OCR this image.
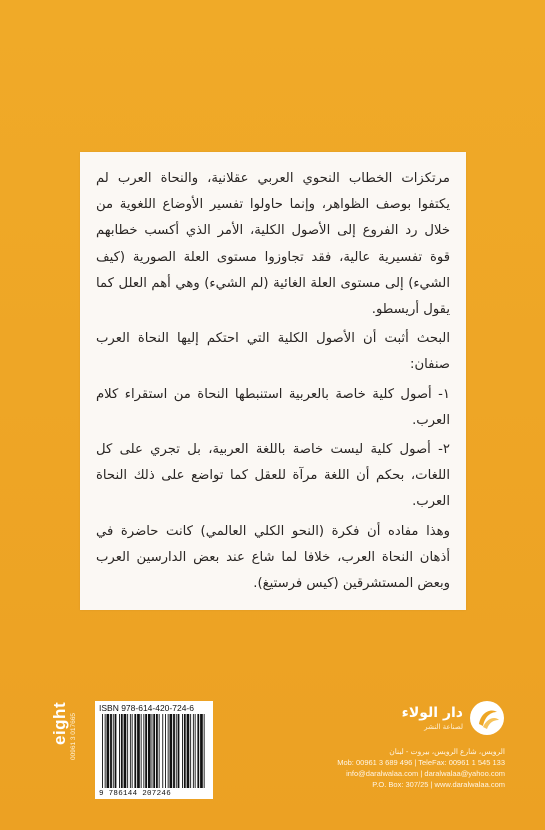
مرتكزات الخطاب النحوي العربي عقلانية، والنحاة العرب لم يكتفوا بوصف الظواهر، وإنما حاولوا تفسير الأوضاع اللغوية من خلال رد الفروع إلى الأصول الكلية، الأمر الذي أكسب خطابهم قوة تفسيرية عالية، فقد تجاوزوا مستوى العلة الصورية (كيف الشيء) إلى مستوى العلة الغائية (لم الشيء) وهي أهم العلل كما يقول أريسطو.

البحث أثبت أن الأصول الكلية التي احتكم إليها النحاة العرب صنفان:

١- أصول كلية خاصة بالعربية استنبطها النحاة من استقراء كلام العرب.

٢- أصول كلية ليست خاصة باللغة العربية، بل تجري على كل اللغات، بحكم أن اللغة مرآة للعقل كما تواضع على ذلك النحاة العرب.

وهذا مفاده أن فكرة (النحو الكلي العالمي) كانت حاضرة في أذهان النحاة العرب، خلافا لما شاع عند بعض الدارسين العرب وبعض المستشرقين (كيس فرستيغ).

eight 00961 3 017665
ISBN 978-614-420-724-6
9 786144 207246
دار الولاء
لصناعة النشر
الرويس، شارع الرويس، بيروت - لبنان
Mob: 00961 3 689 496 | TeleFax: 00961 1 545 133
info@daralwalaa.com | daralwalaa@yahoo.com
P.O. Box: 307/25 | www.daralwalaa.com
